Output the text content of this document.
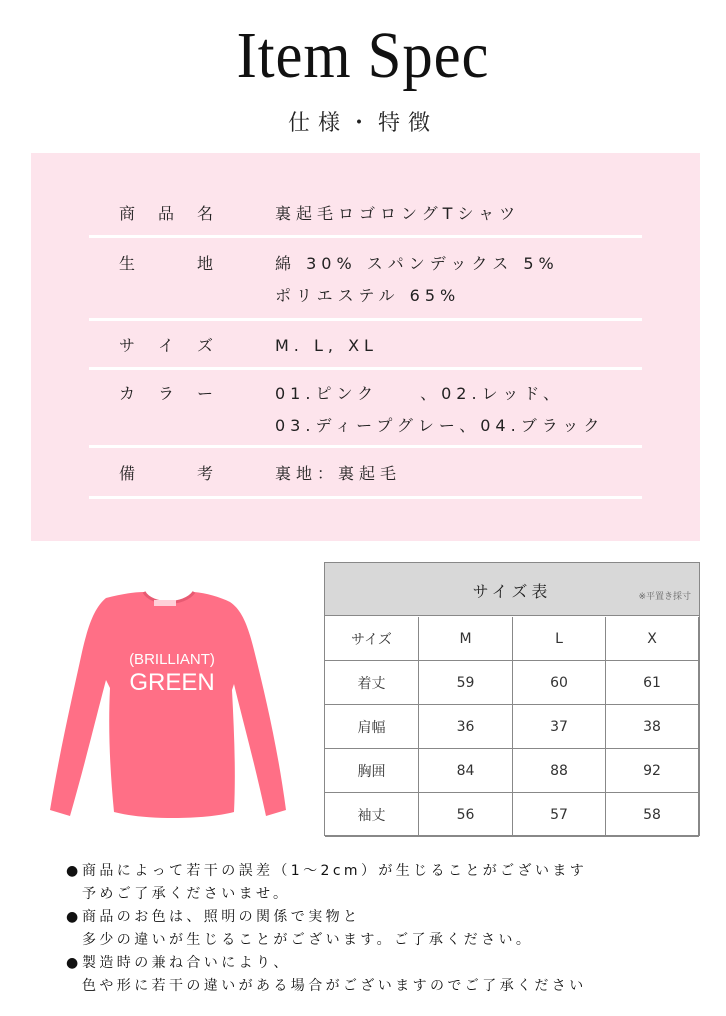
Item Spec
仕様・特徴
商 品 名	裏起毛ロゴロングTシャツ
生	地	綿 30% スパンデックス 5%
ポリエステル 65%
サ イ ズ	M. L, XL
カ ラ ー	01.ピンク　　、02.レッド、
03.ディープグレー、04.ブラック
備	考	裏地：裏起毛
(BRILLIANT)
GREEN
サイズ表	※平置き採寸
サイズ	M	L	X
着丈	59	60	61
肩幅	36	37	38
胸囲	84	88	92
袖丈	56	57	58
●商品によって若干の誤差（1～2cm）が生じることがございます
予めご了承くださいませ。
●商品のお色は、照明の関係で実物と
多少の違いが生じることがございます。ご了承ください。
●製造時の兼ね合いにより、
色や形に若干の違いがある場合がございますのでご了承ください
